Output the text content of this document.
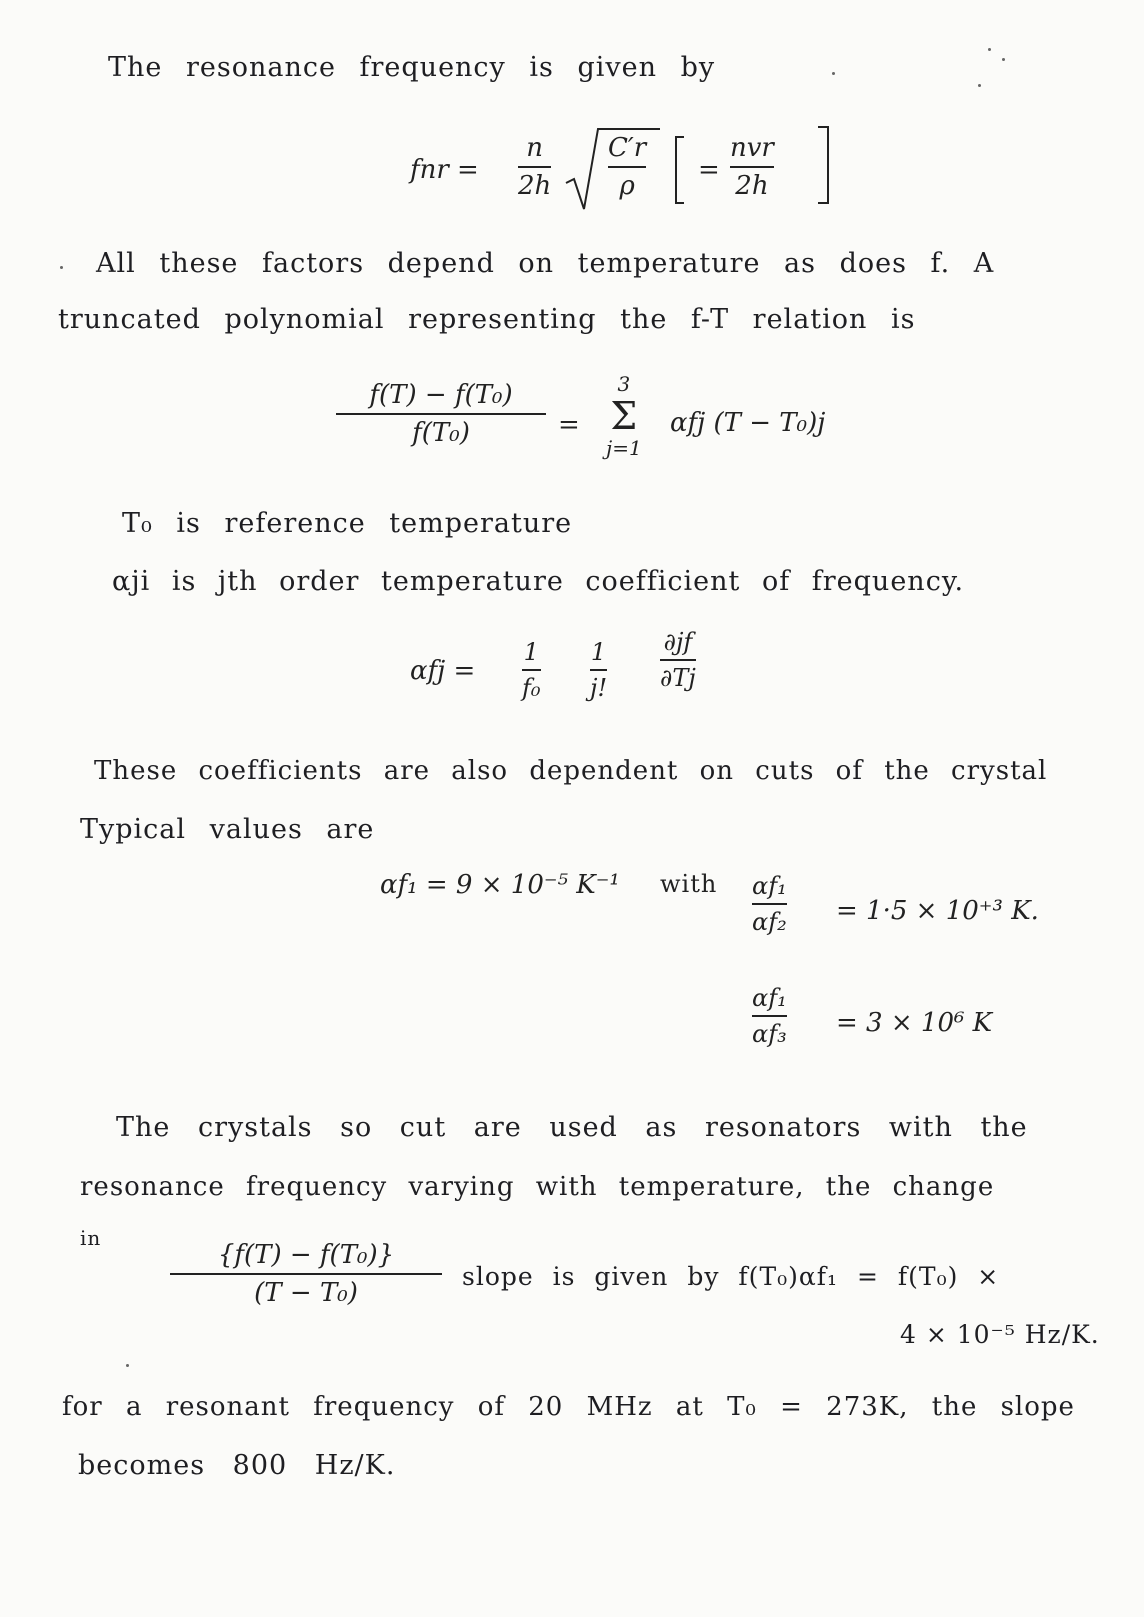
The resonance frequency is given by
fnr =
n
2h
C′r
ρ
=
nvr
2h
All these factors depend on temperature as does f. A
truncated polynomial representing the f-T relation is
f(T) − f(T₀)
f(T₀)	=
3
Σ
j=1
αfj (T − T₀)j
T₀ is reference temperature
αji is jth order temperature coefficient of frequency.
αfj =
1
f₀
1
j!
∂jf
∂Tj
These coefficients are also dependent on cuts of the crystal
Typical values are
αf₁ = 9 × 10⁻⁵ K⁻¹ with αf₁
αf₂ = 1·5 × 10⁺³ K.
αf₁
αf₃ = 3 × 10⁶ K
The crystals so cut are used as resonators with the
resonance frequency varying with temperature, the change
in
{f(T) − f(T₀)}
(T − T₀)
slope is given by f(T₀)αf₁ = f(T₀) ×
4 × 10⁻⁵ Hz/K.
for a resonant frequency of 20 MHz at T₀ = 273K, the slope
becomes 800 Hz/K.
